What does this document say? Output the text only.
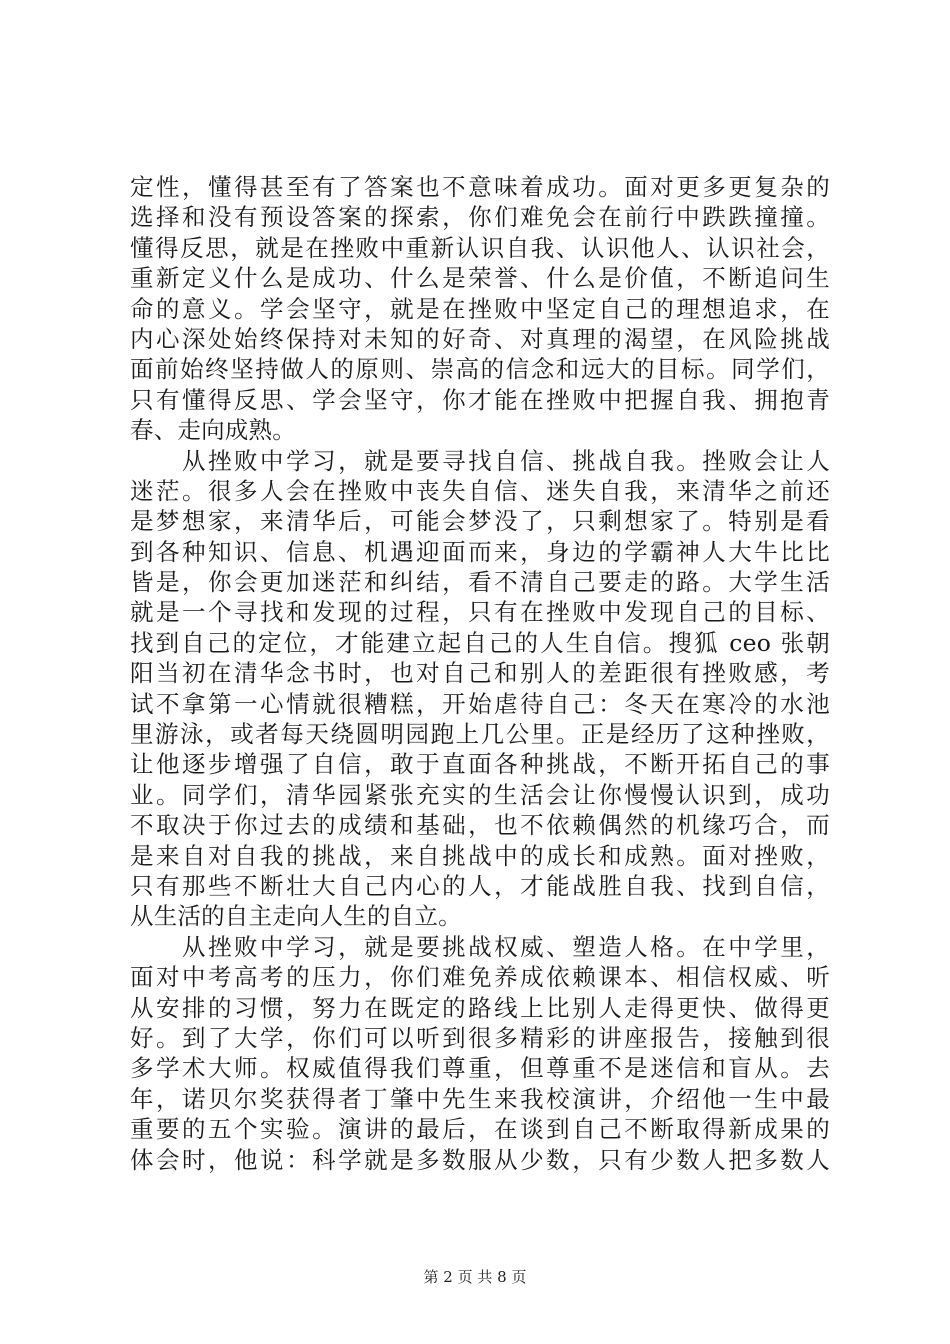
定性，懂得甚至有了答案也不意味着成功。面对更多更复杂的
选择和没有预设答案的探索，你们难免会在前行中跌跌撞撞。
懂得反思，就是在挫败中重新认识自我、认识他人、认识社会，
重新定义什么是成功、什么是荣誉、什么是价值，不断追问生
命的意义。学会坚守，就是在挫败中坚定自己的理想追求，在
内心深处始终保持对未知的好奇、对真理的渴望，在风险挑战
面前始终坚持做人的原则、崇高的信念和远大的目标。同学们，
只有懂得反思、学会坚守，你才能在挫败中把握自我、拥抱青
春、走向成熟。
　　从挫败中学习，就是要寻找自信、挑战自我。挫败会让人
迷茫。很多人会在挫败中丧失自信、迷失自我，来清华之前还
是梦想家，来清华后，可能会梦没了，只剩想家了。特别是看
到各种知识、信息、机遇迎面而来，身边的学霸神人大牛比比
皆是，你会更加迷茫和纠结，看不清自己要走的路。大学生活
就是一个寻找和发现的过程，只有在挫败中发现自己的目标、
找到自己的定位，才能建立起自己的人生自信。搜狐 ceo 张朝
阳当初在清华念书时，也对自己和别人的差距很有挫败感，考
试不拿第一心情就很糟糕，开始虐待自己：冬天在寒冷的水池
里游泳，或者每天绕圆明园跑上几公里。正是经历了这种挫败，
让他逐步增强了自信，敢于直面各种挑战，不断开拓自己的事
业。同学们，清华园紧张充实的生活会让你慢慢认识到，成功
不取决于你过去的成绩和基础，也不依赖偶然的机缘巧合，而
是来自对自我的挑战，来自挑战中的成长和成熟。面对挫败，
只有那些不断壮大自己内心的人，才能战胜自我、找到自信，
从生活的自主走向人生的自立。
　　从挫败中学习，就是要挑战权威、塑造人格。在中学里，
面对中考高考的压力，你们难免养成依赖课本、相信权威、听
从安排的习惯，努力在既定的路线上比别人走得更快、做得更
好。到了大学，你们可以听到很多精彩的讲座报告，接触到很
多学术大师。权威值得我们尊重，但尊重不是迷信和盲从。去
年，诺贝尔奖获得者丁肇中先生来我校演讲，介绍他一生中最
重要的五个实验。演讲的最后，在谈到自己不断取得新成果的
体会时，他说：科学就是多数服从少数，只有少数人把多数人
第 2 页 共 8 页
